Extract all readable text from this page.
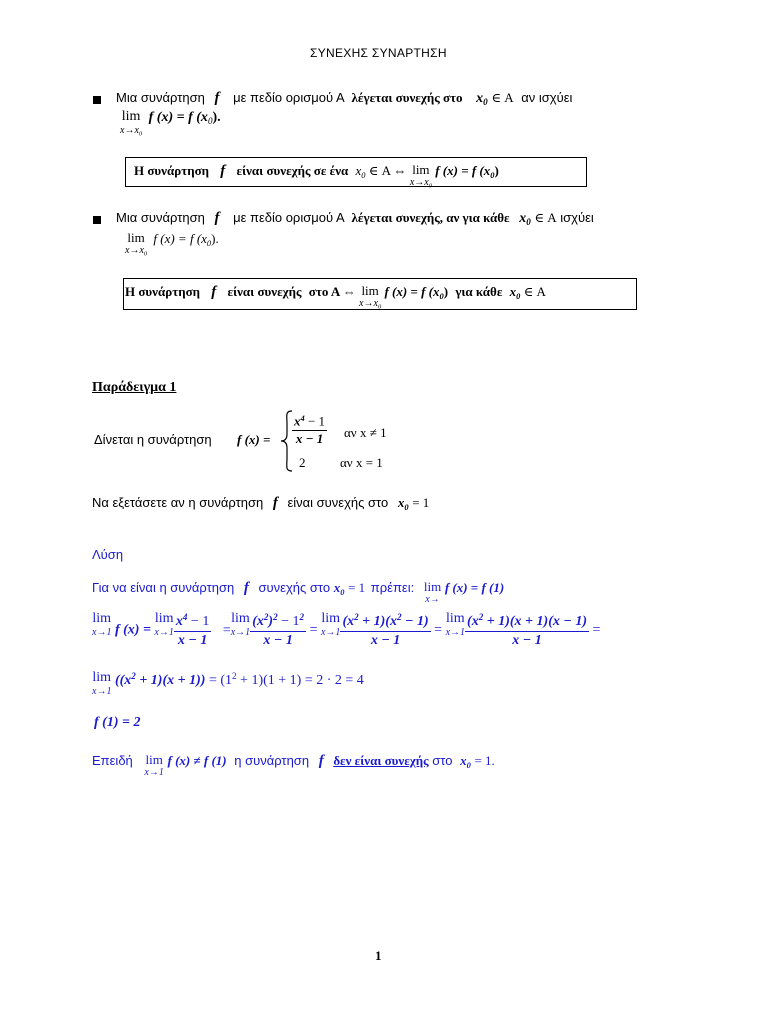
ΣΥΝΕΧΗΣ ΣΥΝΑΡΤΗΣΗ
Μια συνάρτηση f με πεδίο ορισμού Α λέγεται συνεχής στο $x_0$ ∈ Α αν ισχύει
lim
$x\to x_0$
f (x) = f $(x_0)$.
Η συνάρτηση f είναι συνεχής σε ένα $x_0$ ∈ Α ⇔ lim
$x\to x_0$
f (x) = f $(x_0)$
Μια συνάρτηση f με πεδίο ορισμού Α λέγεται συνεχής, αν για κάθε $x_0$ ∈ Α ισχύει
lim
$x\to x_0$
f (x) = f $(x_0)$.
Η συνάρτηση f είναι συνεχής στο Α ⇔ lim
$x\to x_0$
f (x) = f $(x_0)$ για κάθε $x_0$ ∈ Α
Παράδειγμα 1
Δίνεται η συνάρτηση f $(x) = \frac{x^4 - 1}{x - 1}$ αν x ≠ 1
2	αν x = 1
Να εξετάσετε αν η συνάρτηση f είναι συνεχής στο $x_0 = 1$
Λύση
Για να είναι η συνάρτηση f συνεχής στο $x_0 = 1$ πρέπει: lim
x→
f (x) = f (1)
lim
x→1 f (x) =
lim
$x\to 1 \frac{x^4 - 1}{x - 1}$ =
lim
$x\to 1 \frac{(x^2)^2 - 1^2}{x - 1}$ =
lim
$x\to 1 \frac{(x^2 + 1)(x^2 - 1)}{x - 1}$ =
lim
$x\to 1 \frac{(x^2 + 1)(x + 1)(x - 1)}{x - 1}$ =
lim
x→1
$((x^2 + 1)(x + 1)) = (1^2 + 1)(1 + 1) = 2 \cdot 2 = 4$
f (1) = 2
Επειδή lim
x→1
f (x) ≠ f (1) η συνάρτηση f δεν είναι συνεχής στο $x_0 = 1$.
1
